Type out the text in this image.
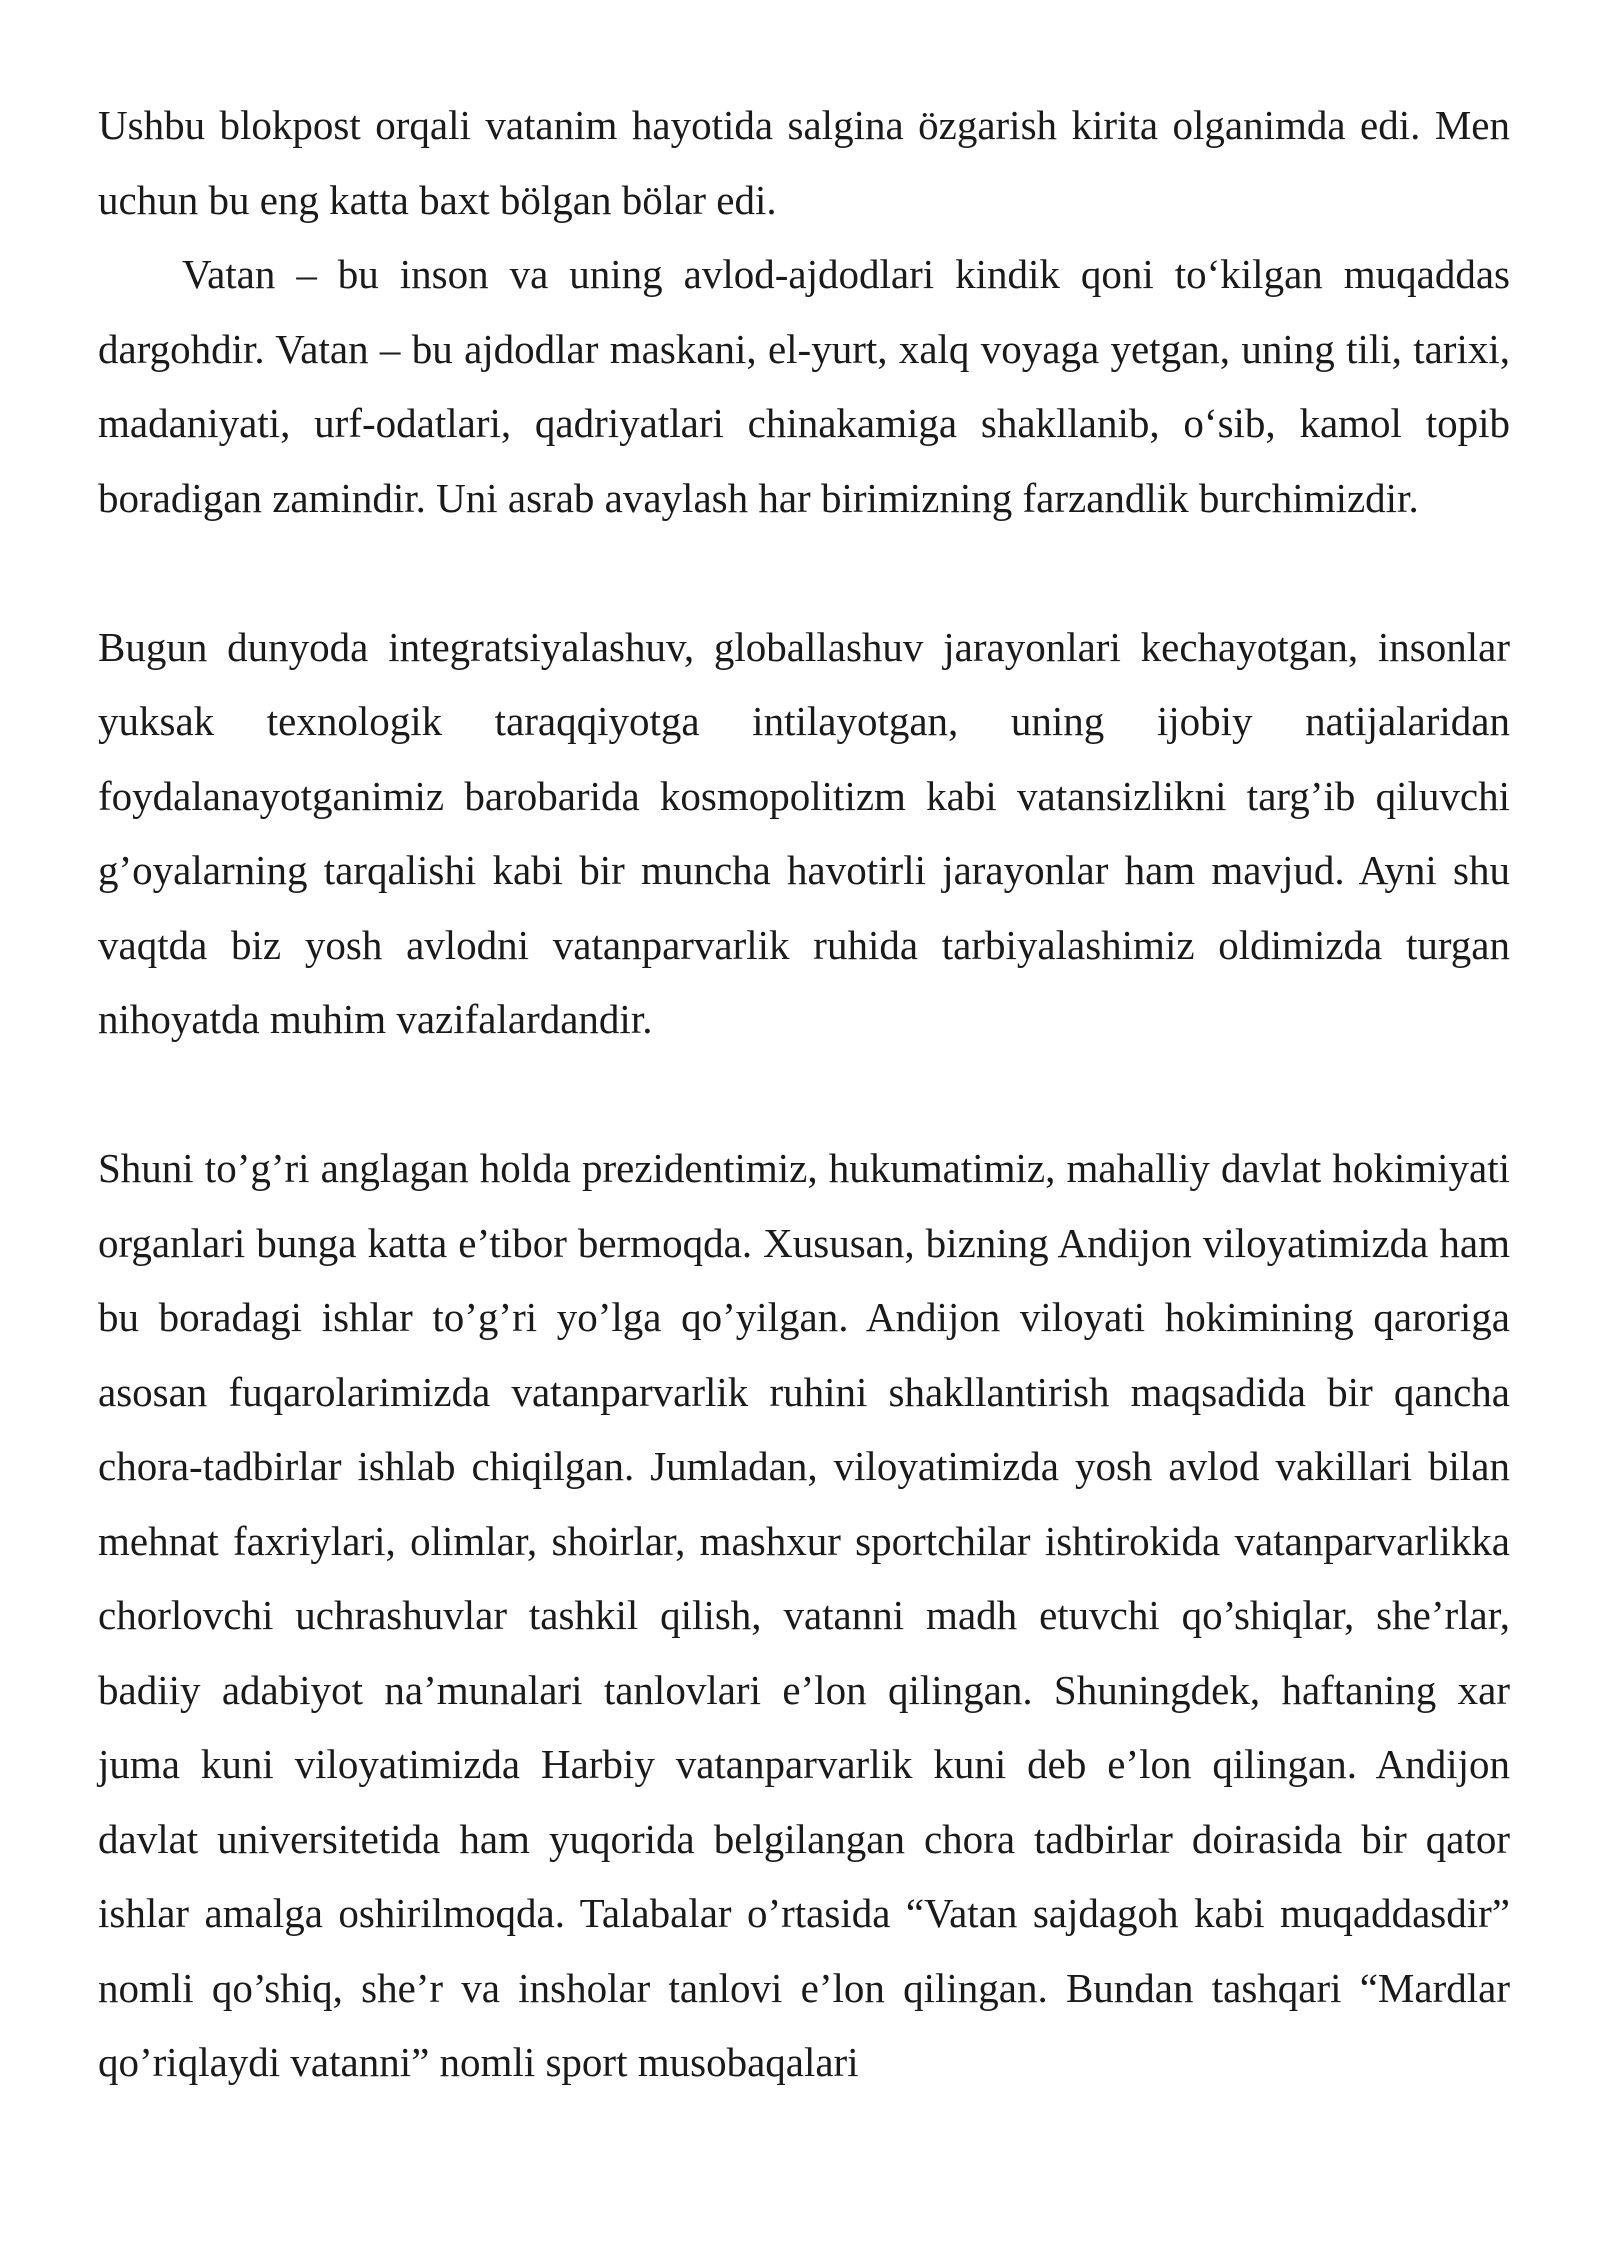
Ushbu blokpost orqali vatanim hayotida salgina özgarish kirita olganimda edi. Men uchun bu eng katta baxt bölgan bölar edi.

Vatan – bu inson va uning avlod-ajdodlari kindik qoni to‘kilgan muqaddas dargohdir. Vatan – bu ajdodlar maskani, el-yurt, xalq voyaga yetgan, uning tili, tarixi, madaniyati, urf-odatlari, qadriyatlari chinakamiga shakllanib, o‘sib, kamol topib boradigan zamindir. Uni asrab avaylash har birimizning farzandlik burchimizdir.

Bugun dunyoda integratsiyalashuv, globallashuv jarayonlari kechayotgan, insonlar yuksak texnologik taraqqiyotga intilayotgan, uning ijobiy natijalaridan foydalanayotganimiz barobarida kosmopolitizm kabi vatansizlikni targ’ib qiluvchi g’oyalarning tarqalishi kabi bir muncha havotirli jarayonlar ham mavjud. Ayni shu vaqtda biz yosh avlodni vatanparvarlik ruhida tarbiyalashimiz oldimizda turgan nihoyatda muhim vazifalardandir.

Shuni to’g’ri anglagan holda prezidentimiz, hukumatimiz, mahalliy davlat hokimiyati organlari bunga katta e’tibor bermoqda. Xususan, bizning Andijon viloyatimizda ham bu boradagi ishlar to’g’ri yo’lga qo’yilgan. Andijon viloyati hokimining qaroriga asosan fuqarolarimizda vatanparvarlik ruhini shakllantirish maqsadida bir qancha chora-tadbirlar ishlab chiqilgan. Jumladan, viloyatimizda yosh avlod vakillari bilan mehnat faxriylari, olimlar, shoirlar, mashxur sportchilar ishtirokida vatanparvarlikka chorlovchi uchrashuvlar tashkil qilish, vatanni madh etuvchi qo’shiqlar, she’rlar, badiiy adabiyot na’munalari tanlovlari e’lon qilingan. Shuningdek, haftaning xar juma kuni viloyatimizda Harbiy vatanparvarlik kuni deb e’lon qilingan. Andijon davlat universitetida ham yuqorida belgilangan chora tadbirlar doirasida bir qator ishlar amalga oshirilmoqda. Talabalar o’rtasida “Vatan sajdagoh kabi muqaddasdir” nomli qo’shiq, she’r va insholar tanlovi e’lon qilingan. Bundan tashqari “Mardlar qo’riqlaydi vatanni” nomli sport musobaqalari
